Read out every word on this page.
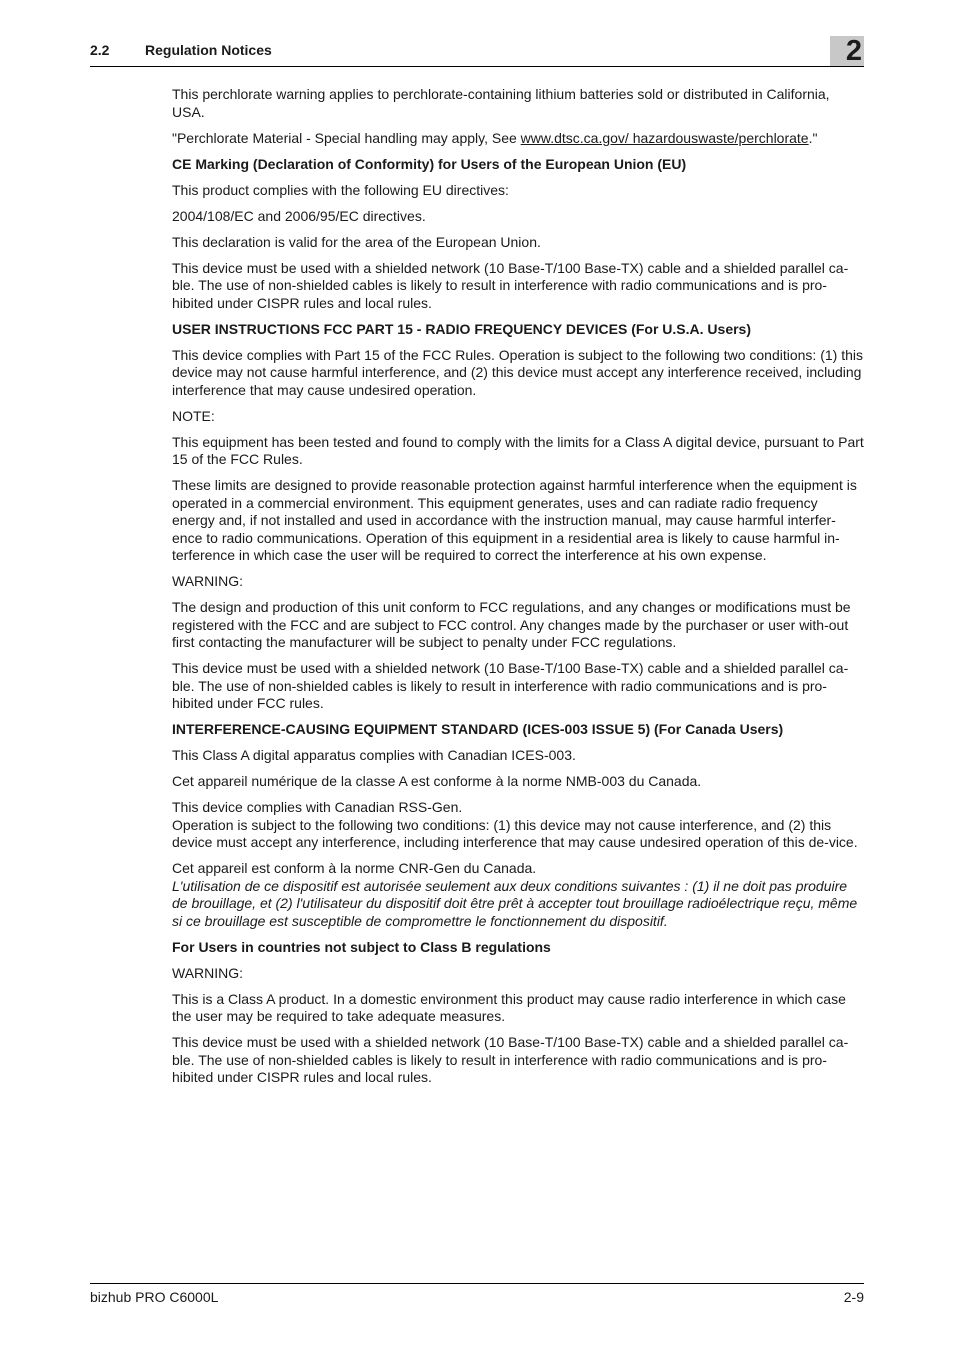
2.2	Regulation Notices	2

This perchlorate warning applies to perchlorate-containing lithium batteries sold or distributed in California, USA.

"Perchlorate Material - Special handling may apply, See www.dtsc.ca.gov/ hazardouswaste/perchlorate."

CE Marking (Declaration of Conformity) for Users of the European Union (EU)

This product complies with the following EU directives:

2004/108/EC and 2006/95/EC directives.

This declaration is valid for the area of the European Union.

This device must be used with a shielded network (10 Base-T/100 Base-TX) cable and a shielded parallel ca-ble. The use of non-shielded cables is likely to result in interference with radio communications and is pro-hibited under CISPR rules and local rules.

USER INSTRUCTIONS FCC PART 15 - RADIO FREQUENCY DEVICES (For U.S.A. Users)

This device complies with Part 15 of the FCC Rules. Operation is subject to the following two conditions: (1) this device may not cause harmful interference, and (2) this device must accept any interference received, including interference that may cause undesired operation.

NOTE:

This equipment has been tested and found to comply with the limits for a Class A digital device, pursuant to Part 15 of the FCC Rules.

These limits are designed to provide reasonable protection against harmful interference when the equipment is operated in a commercial environment. This equipment generates, uses and can radiate radio frequency energy and, if not installed and used in accordance with the instruction manual, may cause harmful interfer-ence to radio communications. Operation of this equipment in a residential area is likely to cause harmful in-terference in which case the user will be required to correct the interference at his own expense.

WARNING:

The design and production of this unit conform to FCC regulations, and any changes or modifications must be registered with the FCC and are subject to FCC control. Any changes made by the purchaser or user with-out first contacting the manufacturer will be subject to penalty under FCC regulations.

This device must be used with a shielded network (10 Base-T/100 Base-TX) cable and a shielded parallel ca-ble. The use of non-shielded cables is likely to result in interference with radio communications and is pro-hibited under FCC rules.

INTERFERENCE-CAUSING EQUIPMENT STANDARD (ICES-003 ISSUE 5) (For Canada Users)

This Class A digital apparatus complies with Canadian ICES-003.

Cet appareil numérique de la classe A est conforme à la norme NMB-003 du Canada.

This device complies with Canadian RSS-Gen.

Operation is subject to the following two conditions: (1) this device may not cause interference, and (2) this device must accept any interference, including interference that may cause undesired operation of this de-vice.

Cet appareil est conform à la norme CNR-Gen du Canada.

L'utilisation de ce dispositif est autorisée seulement aux deux conditions suivantes : (1) il ne doit pas produire de brouillage, et (2) l'utilisateur du dispositif doit être prêt à accepter tout brouillage radioélectrique reçu, même si ce brouillage est susceptible de compromettre le fonctionnement du dispositif.

For Users in countries not subject to Class B regulations

WARNING:

This is a Class A product. In a domestic environment this product may cause radio interference in which case the user may be required to take adequate measures.

This device must be used with a shielded network (10 Base-T/100 Base-TX) cable and a shielded parallel ca-ble. The use of non-shielded cables is likely to result in interference with radio communications and is pro-hibited under CISPR rules and local rules.

bizhub PRO C6000L	2-9
